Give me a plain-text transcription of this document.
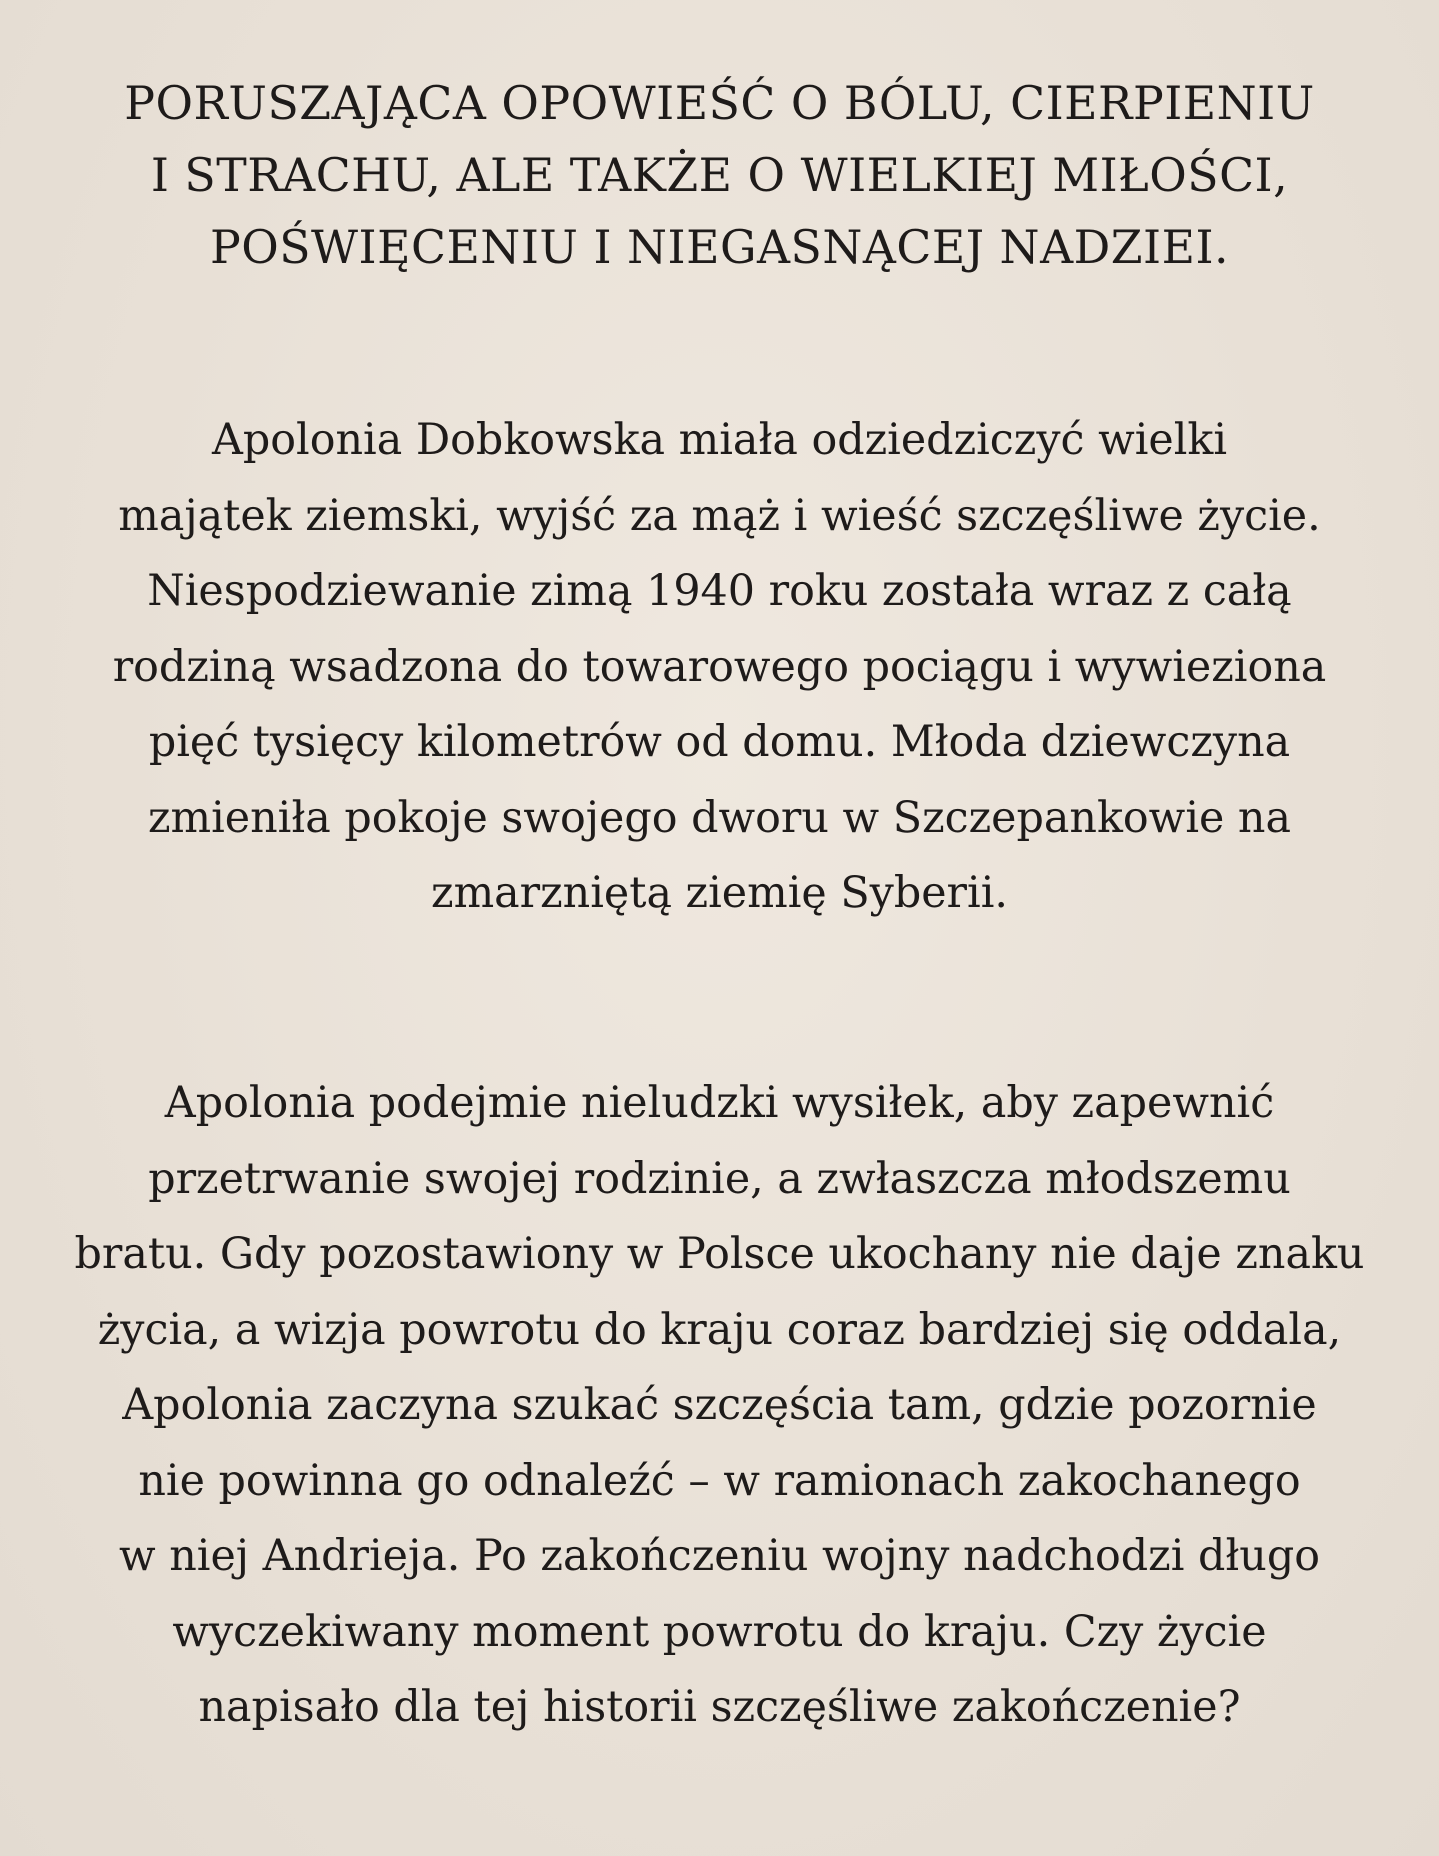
PORUSZAJĄCA OPOWIEŚĆ O BÓLU, CIERPIENIU
I STRACHU, ALE TAKŻE O WIELKIEJ MIŁOŚCI,
POŚWIĘCENIU I NIEGASNĄCEJ NADZIEI.

Apolonia Dobkowska miała odziedziczyć wielki
majątek ziemski, wyjść za mąż i wieść szczęśliwe życie.
Niespodziewanie zimą 1940 roku została wraz z całą
rodziną wsadzona do towarowego pociągu i wywieziona
pięć tysięcy kilometrów od domu. Młoda dziewczyna
zmieniła pokoje swojego dworu w Szczepankowie na
zmarzniętą ziemię Syberii.

Apolonia podejmie nieludzki wysiłek, aby zapewnić
przetrwanie swojej rodzinie, a zwłaszcza młodszemu
bratu. Gdy pozostawiony w Polsce ukochany nie daje znaku
życia, a wizja powrotu do kraju coraz bardziej się oddala,
Apolonia zaczyna szukać szczęścia tam, gdzie pozornie
nie powinna go odnaleźć – w ramionach zakochanego
w niej Andrieja. Po zakończeniu wojny nadchodzi długo
wyczekiwany moment powrotu do kraju. Czy życie
napisało dla tej historii szczęśliwe zakończenie?
